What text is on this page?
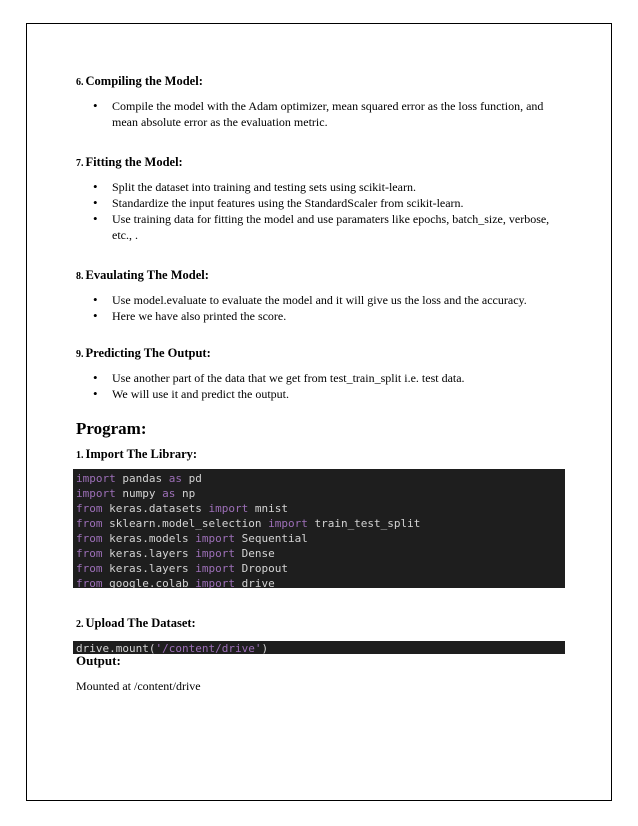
6. Compiling the Model:
• Compile the model with the Adam optimizer, mean squared error as the loss function, and mean absolute error as the evaluation metric.
7. Fitting the Model:
• Split the dataset into training and testing sets using scikit-learn.
• Standardize the input features using the StandardScaler from scikit-learn.
• Use training data for fitting the model and use paramaters like epochs, batch_size, verbose, etc., .
8. Evaulating The Model:
• Use model.evaluate to evaluate the model and it will give us the loss and the accuracy.
• Here we have also printed the score.
9. Predicting The Output:
• Use another part of the data that we get from test_train_split i.e. test data.
• We will use it and predict the output.
Program:
1. Import The Library:
import pandas as pd
import numpy as np
from keras.datasets import mnist
from sklearn.model_selection import train_test_split
from keras.models import Sequential
from keras.layers import Dense
from keras.layers import Dropout
from google.colab import drive
2. Upload The Dataset:
drive.mount('/content/drive')
Output:
Mounted at /content/drive
